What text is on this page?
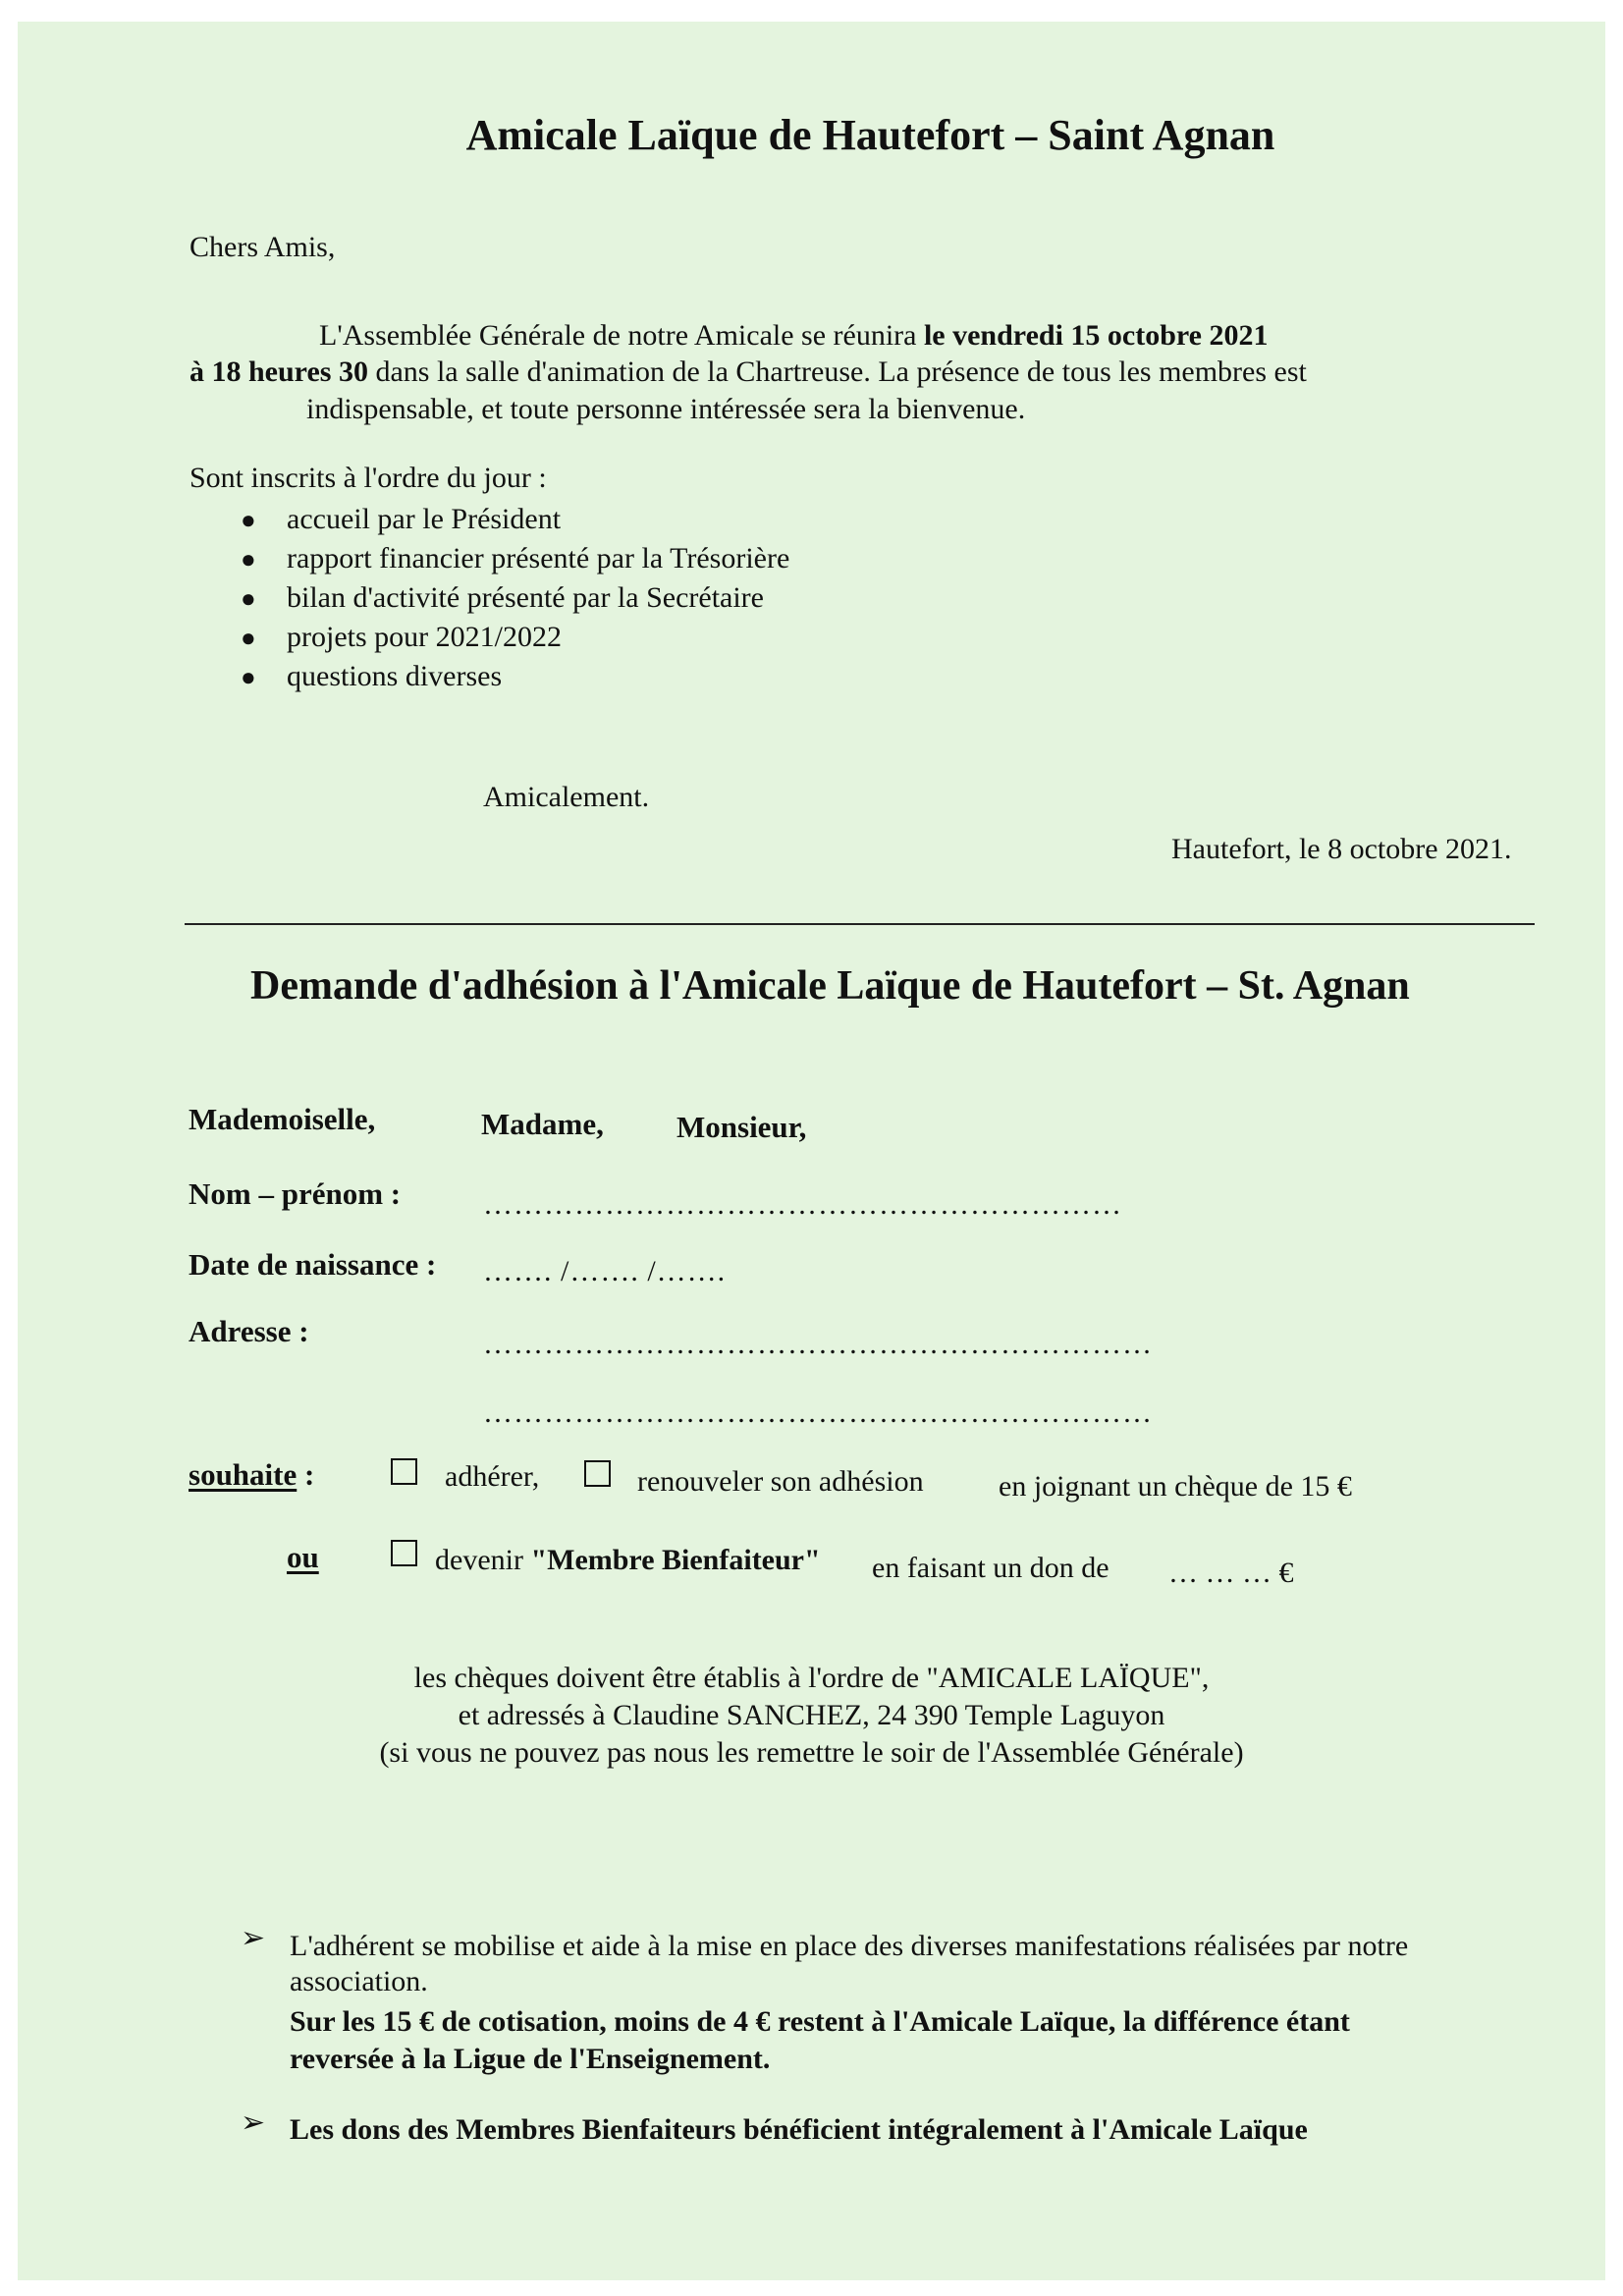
Amicale Laïque de Hautefort – Saint Agnan
Chers Amis,
L'Assemblée Générale de notre Amicale se réunira le vendredi 15 octobre 2021
à 18 heures 30 dans la salle d'animation de la Chartreuse. La présence de tous les membres est
indispensable, et toute personne intéressée sera la bienvenue.
Sont inscrits à l'ordre du jour :
● accueil par le Président
● rapport financier présenté par la Trésorière
● bilan d'activité présenté par la Secrétaire
● projets pour 2021/2022
● questions diverses
Amicalement.
Hautefort, le 8 octobre 2021.
Demande d'adhésion à l'Amicale Laïque de Hautefort – St. Agnan
Mademoiselle,	Madame, Monsieur,
Nom – prénom :	………………………………………………………
Date de naissance : ……. /……. /…….
Adresse :	…………………………………………………………
…………………………………………………………
souhaite :	adhérer,	renouveler son adhésion	en joignant un chèque de 15 €
ou	devenir "Membre Bienfaiteur" en faisant un don de … … … €
les chèques doivent être établis à l'ordre de "AMICALE LAÏQUE",
et adressés à Claudine SANCHEZ, 24 390 Temple Laguyon
(si vous ne pouvez pas nous les remettre le soir de l'Assemblée Générale)
➢ L'adhérent se mobilise et aide à la mise en place des diverses manifestations réalisées par notre
association.
Sur les 15 € de cotisation, moins de 4 € restent à l'Amicale Laïque, la différence étant
reversée à la Ligue de l'Enseignement.
➢ Les dons des Membres Bienfaiteurs bénéficient intégralement à l'Amicale Laïque
